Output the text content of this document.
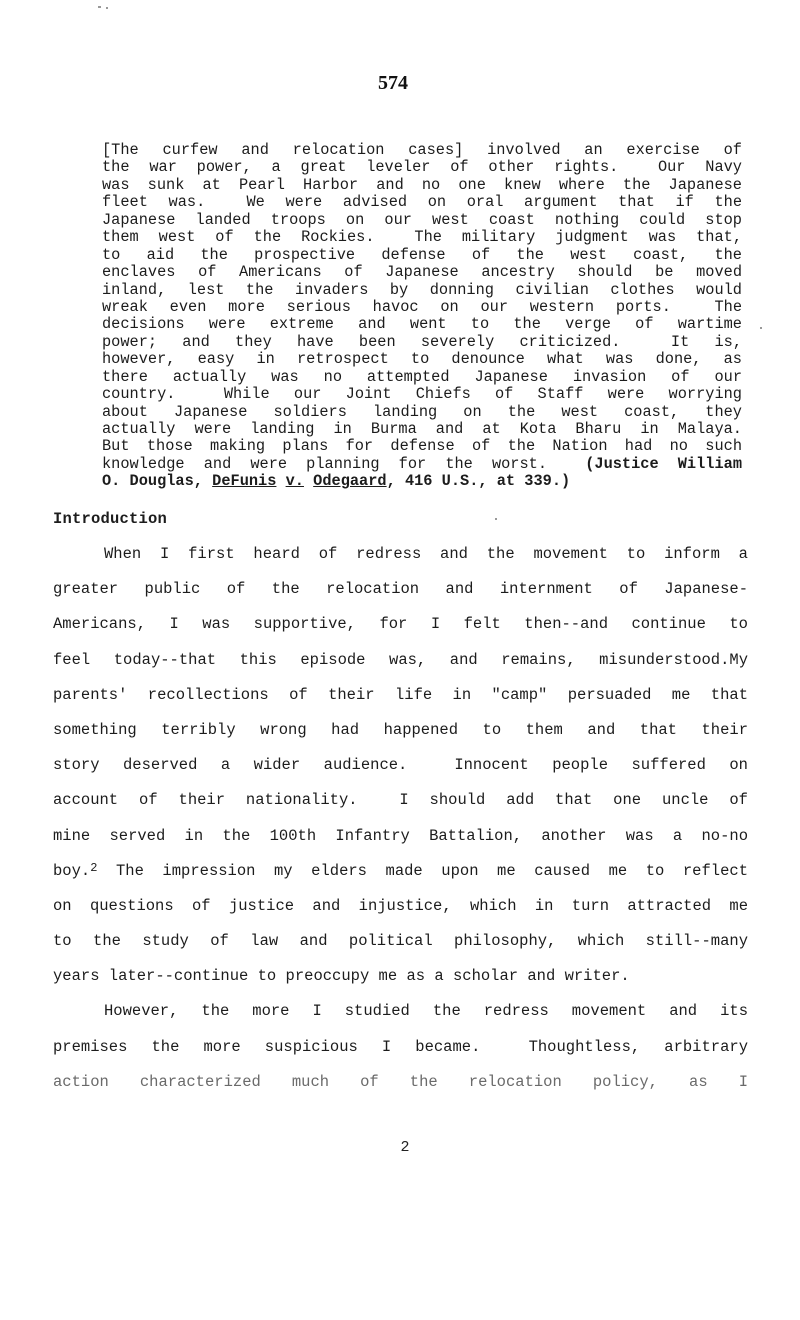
574
[The curfew and relocation cases] involved an exercise of
the war power, a great leveler of other rights.  Our Navy
was sunk at Pearl Harbor and no one knew where the Japanese
fleet was.  We were advised on oral argument that if the
Japanese landed troops on our west coast nothing could stop
them west of the Rockies.  The military judgment was that,
to aid the prospective defense of the west coast, the
enclaves of Americans of Japanese ancestry should be moved
inland, lest the invaders by donning civilian clothes would
wreak even more serious havoc on our western ports.  The
decisions were extreme and went to the verge of wartime
power; and they have been severely criticized.  It is,
however, easy in retrospect to denounce what was done, as
there actually was no attempted Japanese invasion of our
country.  While our Joint Chiefs of Staff were worrying
about Japanese soldiers landing on the west coast, they
actually were landing in Burma and at Kota Bharu in Malaya.
But those making plans for defense of the Nation had no such
knowledge and were planning for the worst.  (Justice William
O. Douglas, DeFunis v. Odegaard, 416 U.S., at 339.)
Introduction
When I first heard of redress and the movement to inform a
greater public of the relocation and internment of Japanese-
Americans, I was supportive, for I felt then--and continue to
feel today--that this episode was, and remains, misunderstood.My
parents' recollections of their life in "camp" persuaded me that
something terribly wrong had happened to them and that their
story deserved a wider audience.  Innocent people suffered on
account of their nationality.  I should add that one uncle of
mine served in the 100th Infantry Battalion, another was a no-no
boy.$^2$ The impression my elders made upon me caused me to reflect
on questions of justice and injustice, which in turn attracted me
to the study of law and political philosophy, which still--many
years later--continue to preoccupy me as a scholar and writer.
However, the more I studied the redress movement and its
premises the more suspicious I became.  Thoughtless, arbitrary
action characterized much of the relocation policy, as I
2
